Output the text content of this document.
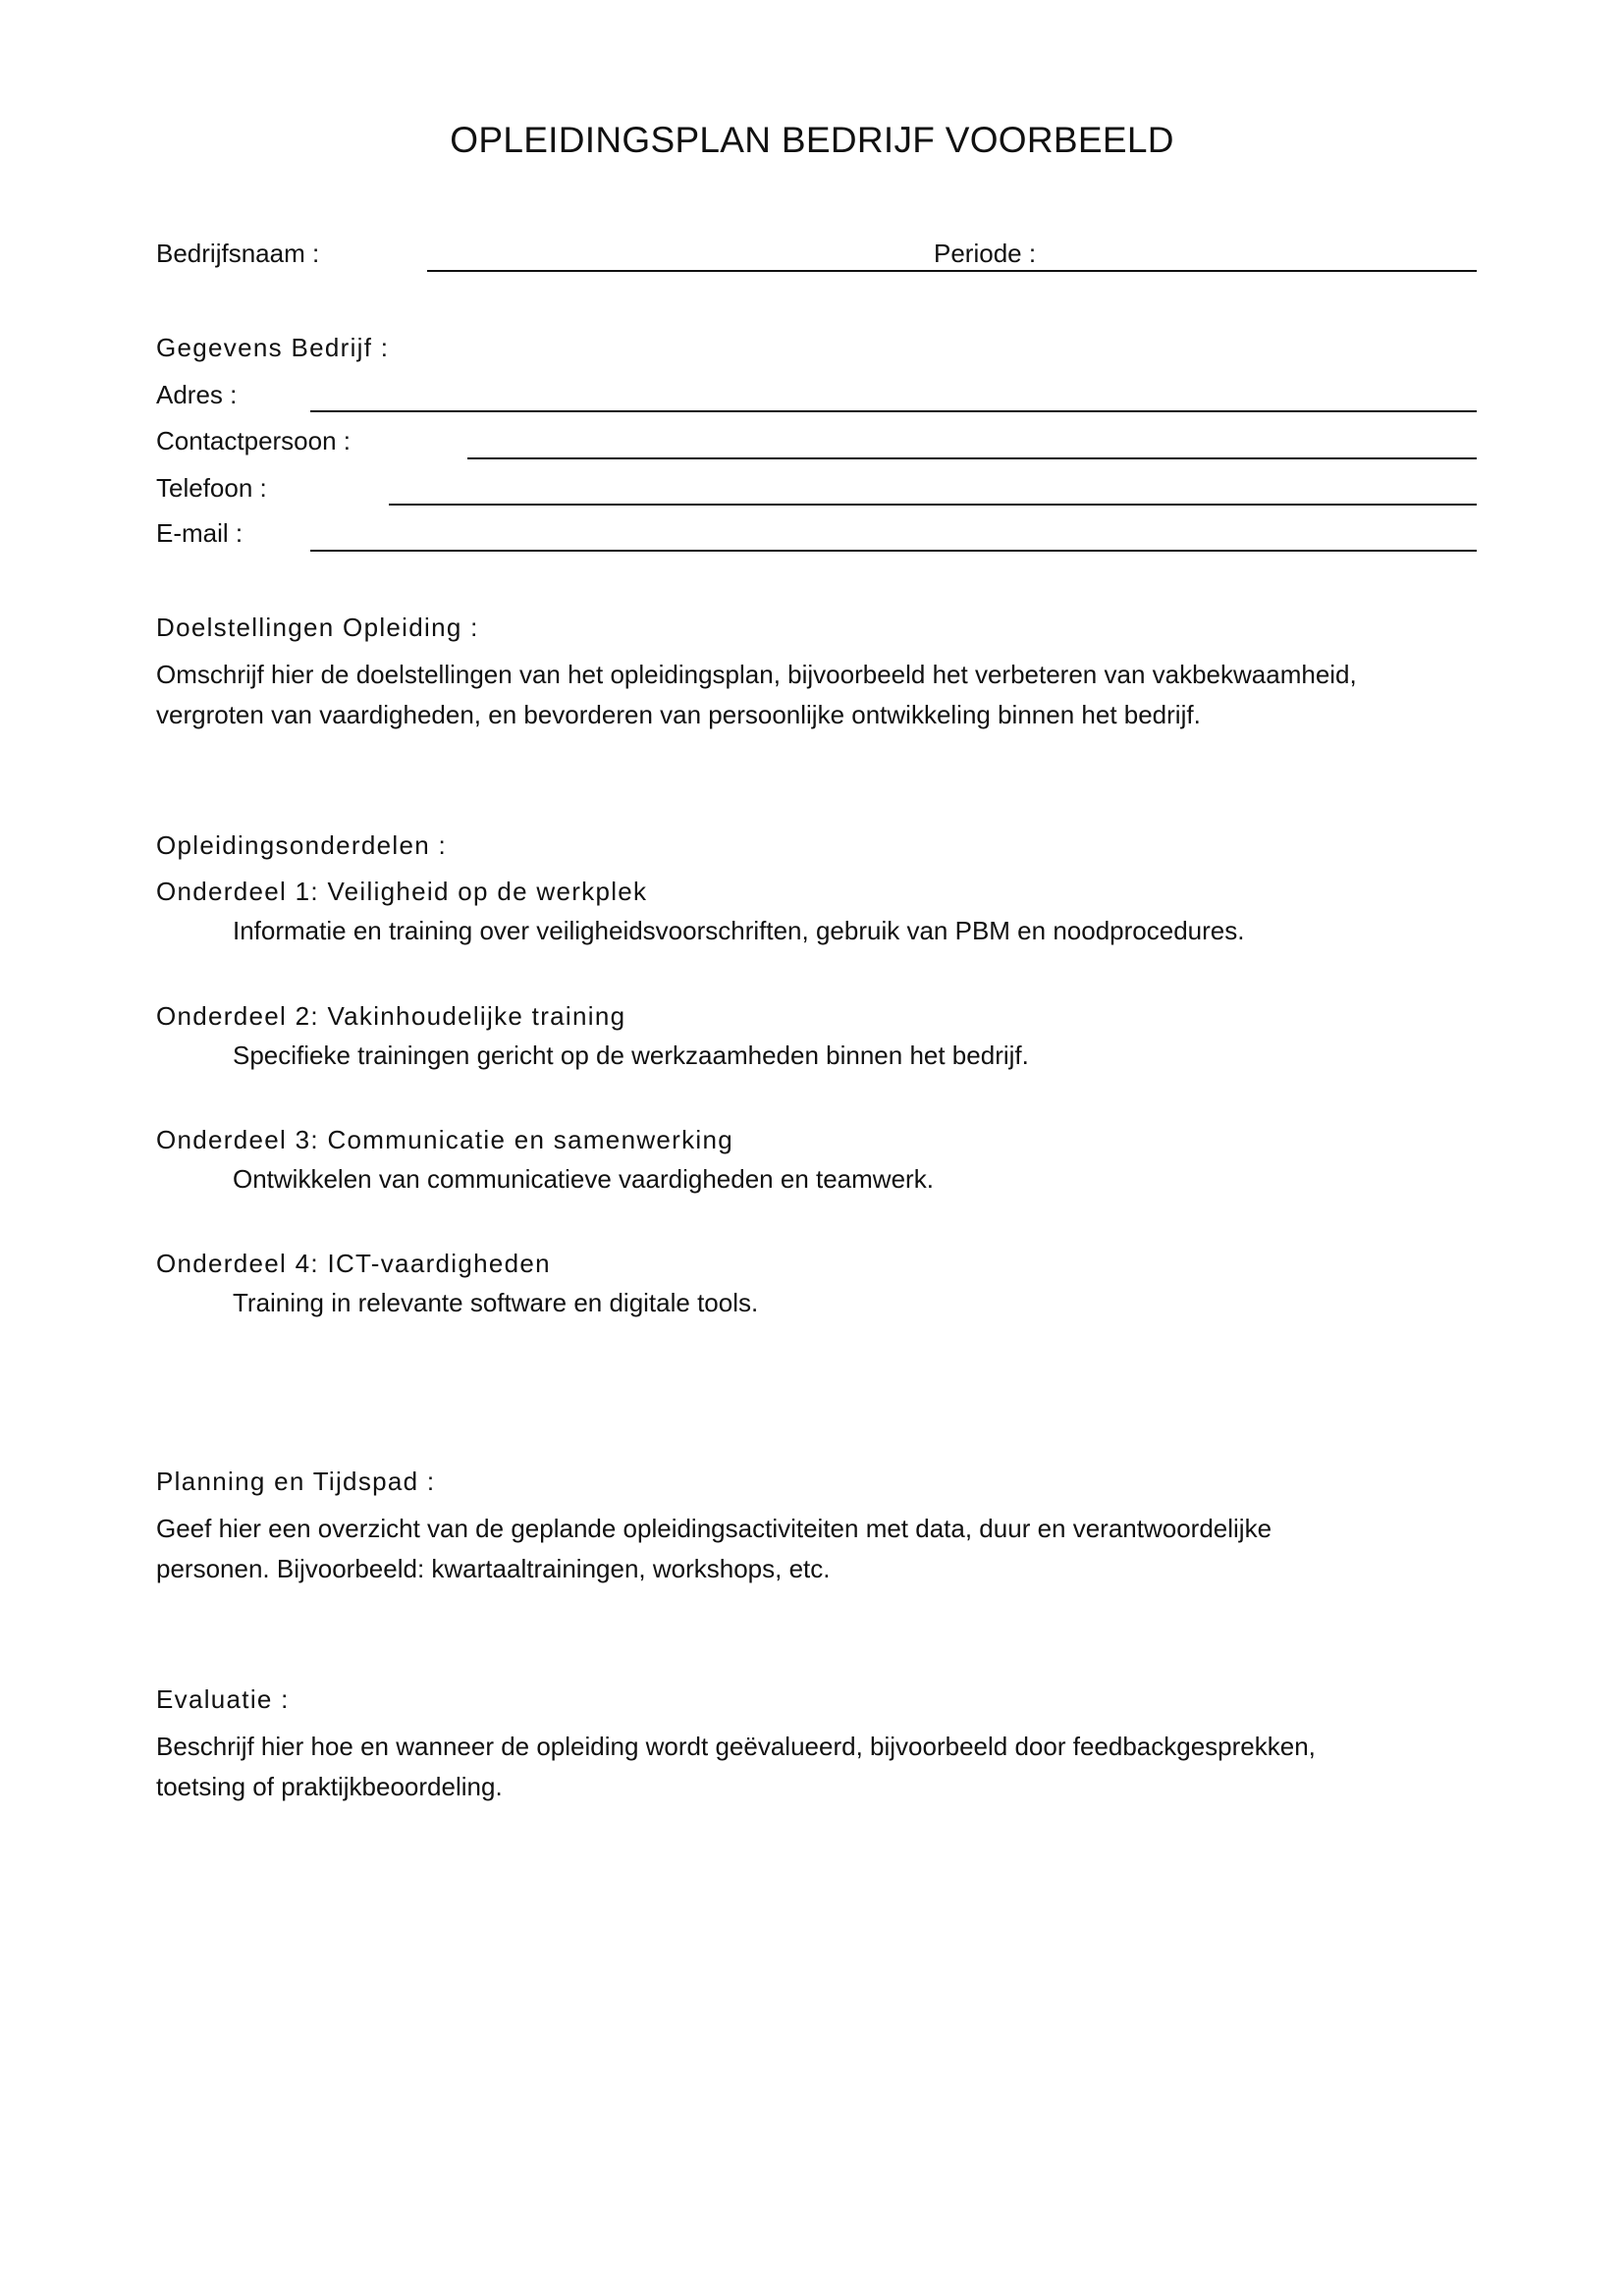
OPLEIDINGSPLAN BEDRIJF VOORBEELD
Bedrijfsnaam :	Periode :
Gegevens Bedrijf :
Adres :
Contactpersoon :
Telefoon :
E-mail :
Doelstellingen Opleiding :
Omschrijf hier de doelstellingen van het opleidingsplan, bijvoorbeeld het verbeteren van vakbekwaamheid,
vergroten van vaardigheden, en bevorderen van persoonlijke ontwikkeling binnen het bedrijf.
Opleidingsonderdelen :
Onderdeel 1: Veiligheid op de werkplek
Informatie en training over veiligheidsvoorschriften, gebruik van PBM en noodprocedures.
Onderdeel 2: Vakinhoudelijke training
Specifieke trainingen gericht op de werkzaamheden binnen het bedrijf.
Onderdeel 3: Communicatie en samenwerking
Ontwikkelen van communicatieve vaardigheden en teamwerk.
Onderdeel 4: ICT-vaardigheden
Training in relevante software en digitale tools.
Planning en Tijdspad :
Geef hier een overzicht van de geplande opleidingsactiviteiten met data, duur en verantwoordelijke
personen. Bijvoorbeeld: kwartaaltrainingen, workshops, etc.
Evaluatie :
Beschrijf hier hoe en wanneer de opleiding wordt geëvalueerd, bijvoorbeeld door feedbackgesprekken,
toetsing of praktijkbeoordeling.
